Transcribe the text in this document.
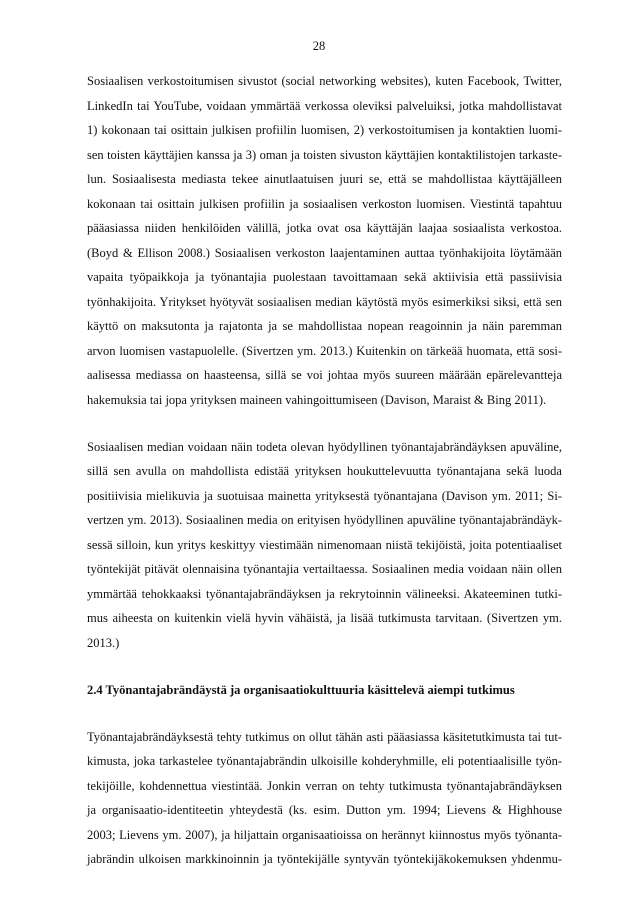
28
Sosiaalisen verkostoitumisen sivustot (social networking websites), kuten Facebook, Twitter,
LinkedIn tai YouTube, voidaan ymmärtää verkossa oleviksi palveluiksi, jotka mahdollistavat
1) kokonaan tai osittain julkisen profiilin luomisen, 2) verkostoitumisen ja kontaktien luomi-
sen toisten käyttäjien kanssa ja 3) oman ja toisten sivuston käyttäjien kontaktilistojen tarkaste-
lun. Sosiaalisesta mediasta tekee ainutlaatuisen juuri se, että se mahdollistaa käyttäjälleen
kokonaan tai osittain julkisen profiilin ja sosiaalisen verkoston luomisen. Viestintä tapahtuu
pääasiassa niiden henkilöiden välillä, jotka ovat osa käyttäjän laajaa sosiaalista verkostoa.
(Boyd & Ellison 2008.) Sosiaalisen verkoston laajentaminen auttaa työnhakijoita löytämään
vapaita työpaikkoja ja työnantajia puolestaan tavoittamaan sekä aktiivisia että passiivisia
työnhakijoita. Yritykset hyötyvät sosiaalisen median käytöstä myös esimerkiksi siksi, että sen
käyttö on maksutonta ja rajatonta ja se mahdollistaa nopean reagoinnin ja näin paremman
arvon luomisen vastapuolelle. (Sivertzen ym. 2013.) Kuitenkin on tärkeää huomata, että sosi-
aalisessa mediassa on haasteensa, sillä se voi johtaa myös suureen määrään epärelevantteja
hakemuksia tai jopa yrityksen maineen vahingoittumiseen (Davison, Maraist & Bing 2011).
Sosiaalisen median voidaan näin todeta olevan hyödyllinen työnantajabrändäyksen apuväline,
sillä sen avulla on mahdollista edistää yrityksen houkuttelevuutta työnantajana sekä luoda
positiivisia mielikuvia ja suotuisaa mainetta yrityksestä työnantajana (Davison ym. 2011; Si-
vertzen ym. 2013). Sosiaalinen media on erityisen hyödyllinen apuväline työnantajabrändäyk-
sessä silloin, kun yritys keskittyy viestimään nimenomaan niistä tekijöistä, joita potentiaaliset
työntekijät pitävät olennaisina työnantajia vertailtaessa. Sosiaalinen media voidaan näin ollen
ymmärtää tehokkaaksi työnantajabrändäyksen ja rekrytoinnin välineeksi. Akateeminen tutki-
mus aiheesta on kuitenkin vielä hyvin vähäistä, ja lisää tutkimusta tarvitaan. (Sivertzen ym.
2013.)
2.4 Työnantajabrändäystä ja organisaatiokulttuuria käsittelevä aiempi tutkimus
Työnantajabrändäyksestä tehty tutkimus on ollut tähän asti pääasiassa käsitetutkimusta tai tut-
kimusta, joka tarkastelee työnantajabrändin ulkoisille kohderyhmille, eli potentiaalisille työn-
tekijöille, kohdennettua viestintää. Jonkin verran on tehty tutkimusta työnantajabrändäyksen
ja organisaatio-identiteetin yhteydestä (ks. esim. Dutton ym. 1994; Lievens & Highhouse
2003; Lievens ym. 2007), ja hiljattain organisaatioissa on herännyt kiinnostus myös työnanta-
jabrändin ulkoisen markkinoinnin ja työntekijälle syntyvän työntekijäkokemuksen yhdenmu-
